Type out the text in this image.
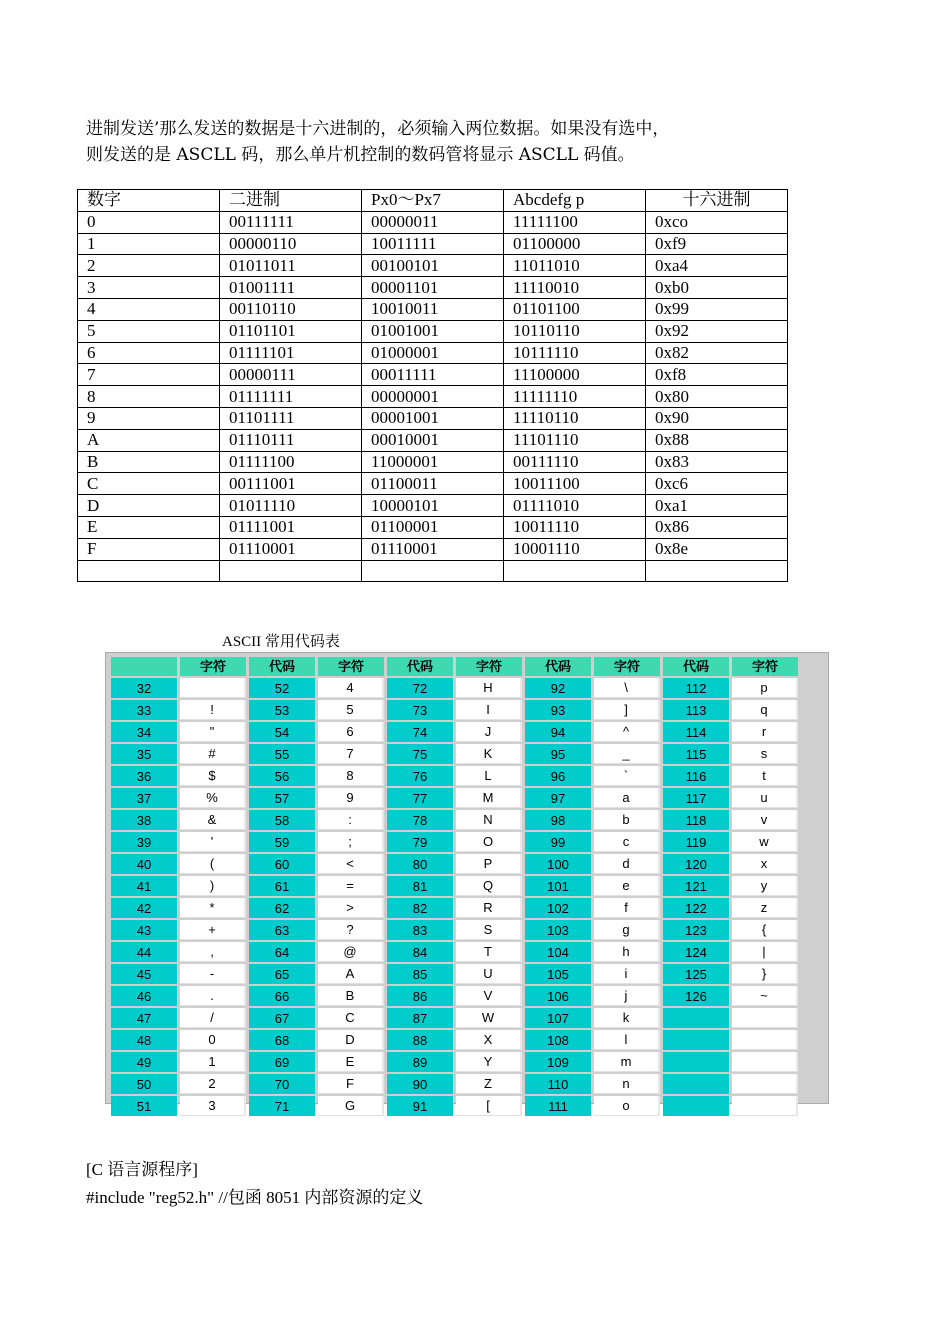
进制发送’那么发送的数据是十六进制的，必须输入两位数据。如果没有选中，

则发送的是 ASCLL 码，那么单片机控制的数码管将显示 ASCLL 码值。

数字	二进制	Px0～Px7	Abcdefg p	十六进制
0	00111111	00000011	11111100	0xco
1	00000110	10011111	01100000	0xf9
2	01011011	00100101	11011010	0xa4
3	01001111	00001101	11110010	0xb0
4	00110110	10010011	01101100	0x99
5	01101101	01001001	10110110	0x92
6	01111101	01000001	10111110	0x82
7	00000111	00011111	11100000	0xf8
8	01111111	00000001	11111110	0x80
9	01101111	00001001	11110110	0x90
A	01110111	00010001	11101110	0x88
B	01111100	11000001	00111110	0x83
C	00111001	01100011	10011100	0xc6
D	01011110	10000101	01111010	0xa1
E	01111001	01100001	10011110	0x86
F	01110001	01110001	10001110	0x8e

ASCII 常用代码表
	字符	代码	字符	代码	字符	代码	字符	代码	字符
32		52	4	72	H	92	\	112	p
33	!	53	5	73	I	93	]	113	q
34	"	54	6	74	J	94	^	114	r
35	#	55	7	75	K	95	_	115	s
36	$	56	8	76	L	96	`	116	t
37	%	57	9	77	M	97	a	117	u
38	&	58	:	78	N	98	b	118	v
39	'	59	;	79	O	99	c	119	w
40	(	60	<	80	P	100	d	120	x
41	)	61	=	81	Q	101	e	121	y
42	*	62	>	82	R	102	f	122	z
43	+	63	?	83	S	103	g	123	{
44	,	64	@	84	T	104	h	124	|
45	-	65	A	85	U	105	i	125	}
46	.	66	B	86	V	106	j	126	~
47	/	67	C	87	W	107	k		
48	0	68	D	88	X	108	l		
49	1	69	E	89	Y	109	m		
50	2	70	F	90	Z	110	n		
51	3	71	G	91	[	111	o		

[C 语言源程序]

#include "reg52.h" //包函 8051 内部资源的定义
